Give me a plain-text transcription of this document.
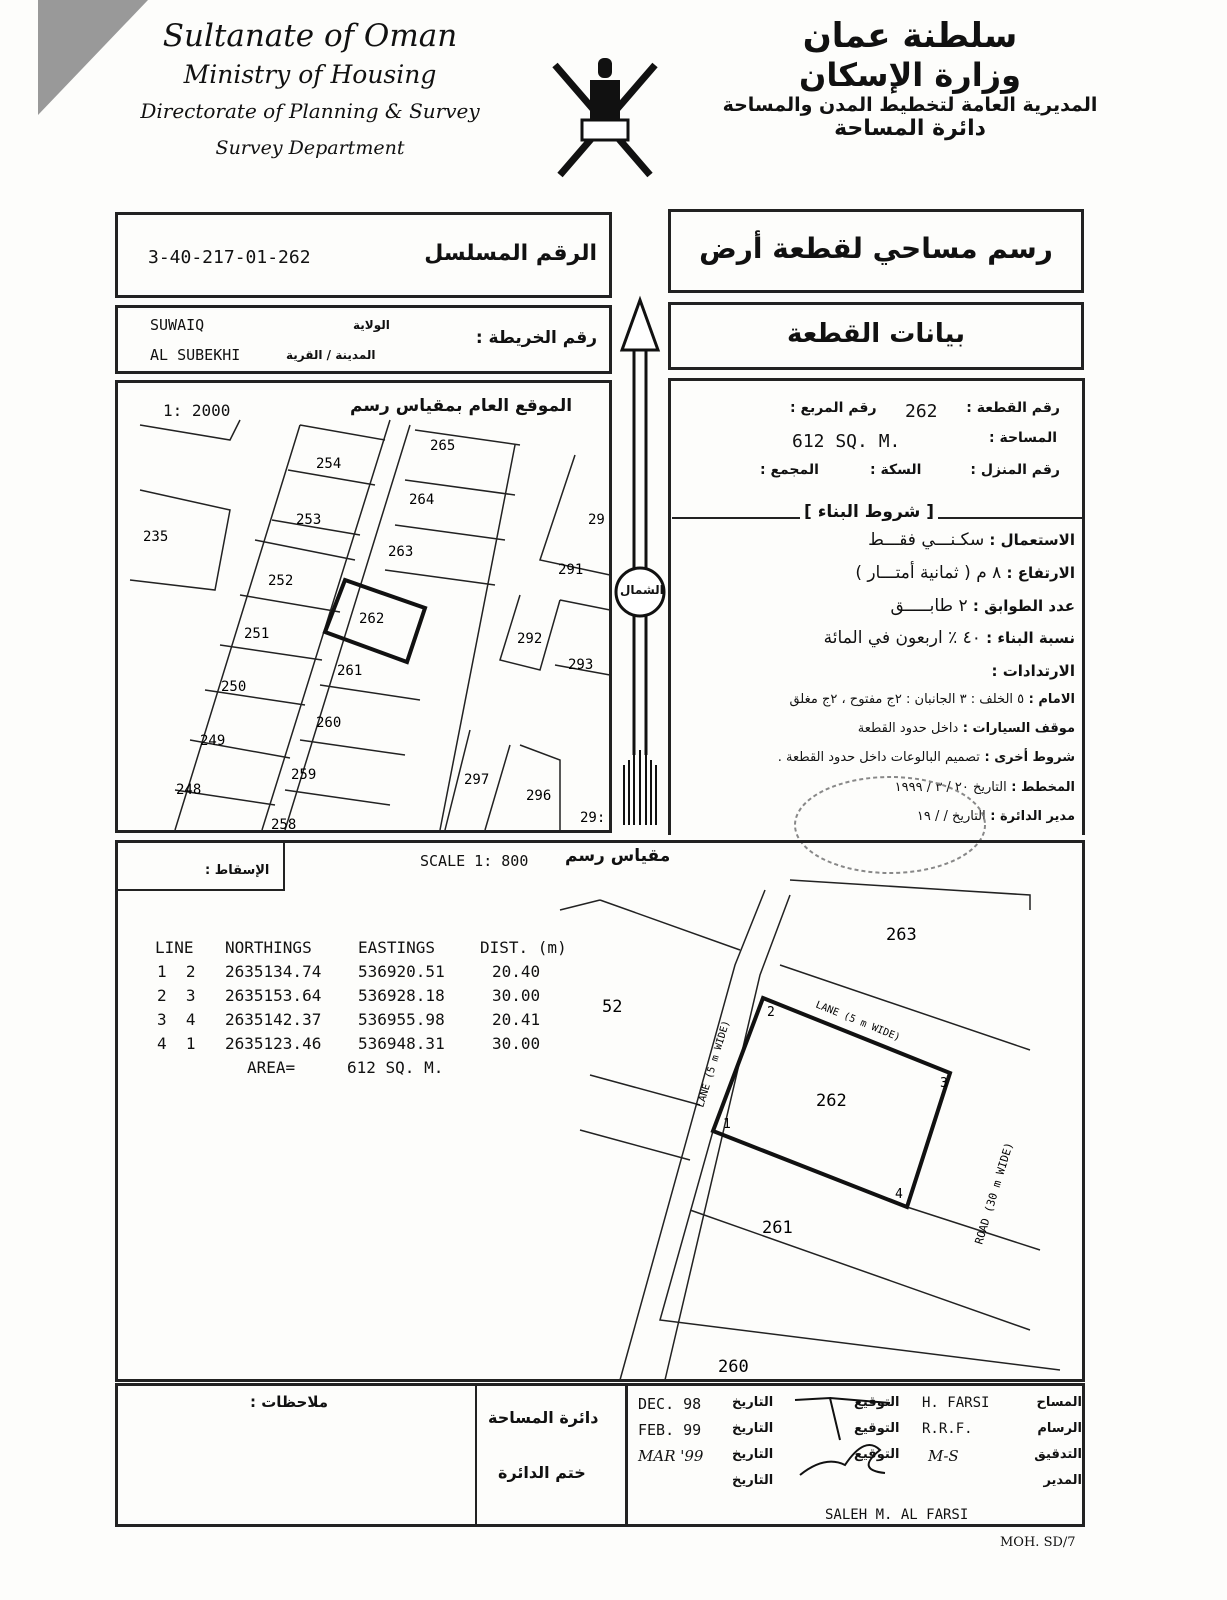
Sultanate of Oman
Ministry of Housing
Directorate of Planning & Survey
Survey Department
سلطنة عمان
وزارة الإسكان
المديرية العامة لتخطيط المدن والمساحة
دائرة المساحة
3-40-217-01-262	الرقم المسلسل	رسم مساحي لقطعة أرض
SUWAIQ	الولاية
AL SUBEKHI	المدينة / القرية
رقم الخريطة :	بيانات القطعة
1: 2000	الموقع العام بمقياس رسم
الشمال
رقم القطعة :
262
رقم المربع :
المساحة :
612 SQ. M.
رقم المنزل :
السكة :
المجمع :
[ شروط البناء ]
الاستعمال : سكـنـــي فقـــط
الارتفاع : ٨ م ( ثمانية أمتـــار )
عدد الطوابق : ٢ طابـــــق
نسبة البناء : ٤٠ ٪ اربعون في المائة
الارتدادات :
الامام : ٥ الخلف : ٣ الجانبان : ٢ج مفتوح ، ٢ج مغلق
موقف السيارات : داخل حدود القطعة
شروط أخرى : تصميم البالوعات داخل حدود القطعة .
المخطط : التاريخ ٢٠ / ٣ / ١٩٩٩
مدير الدائرة : التاريخ / / ١٩
الإسقاط :
SCALE 1: 800 مقياس رسم
LINE NORTHINGS	EASTINGS	DIST. (m)
1  2 2635134.74 536920.51	20.40
2  3 2635153.64 536928.18	30.00
3  4 2635142.37 536955.98	20.41
4  1 2635123.46 536948.31	30.00
AREA=	612 SQ. M.
265
254
264
253	29
263
235
291
252
262
251	292
293
261
250
260
249
259	297
296
248
29:
258
263
52
262
261
260
1
2
3
4
LANE (5 m WIDE)	LANE (5 m WIDE)
ROAD (30 m WIDE)
ملاحظات :
دائرة المساحة
ختم الدائرة
DEC. 98 التاريخ	التوقيع H. FARSI	المساح
FEB. 99 التاريخ	التوقيع R.R.F.	الرسام
MAR '99 التاريخ	التوقيع M-S	التدقيق
التاريخ	المدير
SALEH M. AL FARSI
MOH. SD/7
